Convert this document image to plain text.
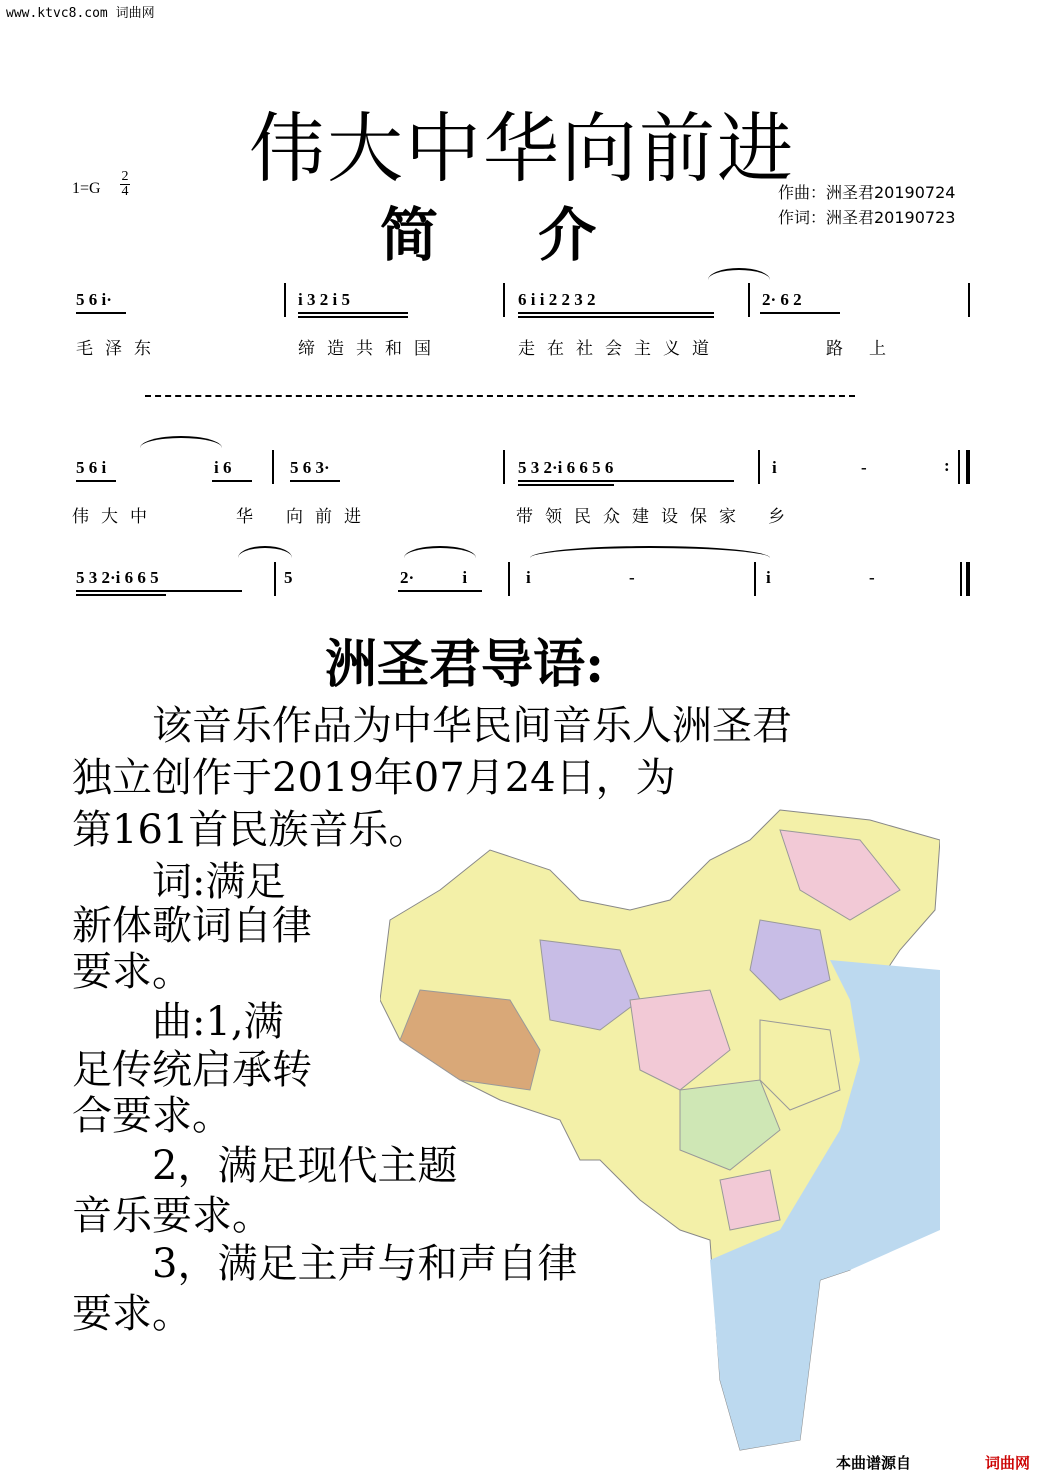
www.ktvc8.com 词曲网
伟大中华向前进
简 介
1=G
2
4	作曲：洲圣君20190724
作词：洲圣君20190723
5 6 i·	i 3 2 i 5	6 i i 2 2 3 2	2· 6 2
毛泽东	缔造共和国	走在社会主义道	路上
5 6 i	i 6	5 6 3·	5 3 2·i 6 6 5 6	i -	:
伟大中	华 向前进	带领民众建设保家 乡
5 3 2·i 6 6 5	5	2· i	i -	i -
洲圣君导语:
　　该音乐作品为中华民间音乐人洲圣君
独立创作于2019年07月24日，为
第161首民族音乐。
　　词:满足
新体歌词自律
要求。
　　曲:1,满
足传统启承转
合要求。
　　2，满足现代主题
音乐要求。
　　3，满足主声与和声自律
要求。
本曲谱源自	词曲网
